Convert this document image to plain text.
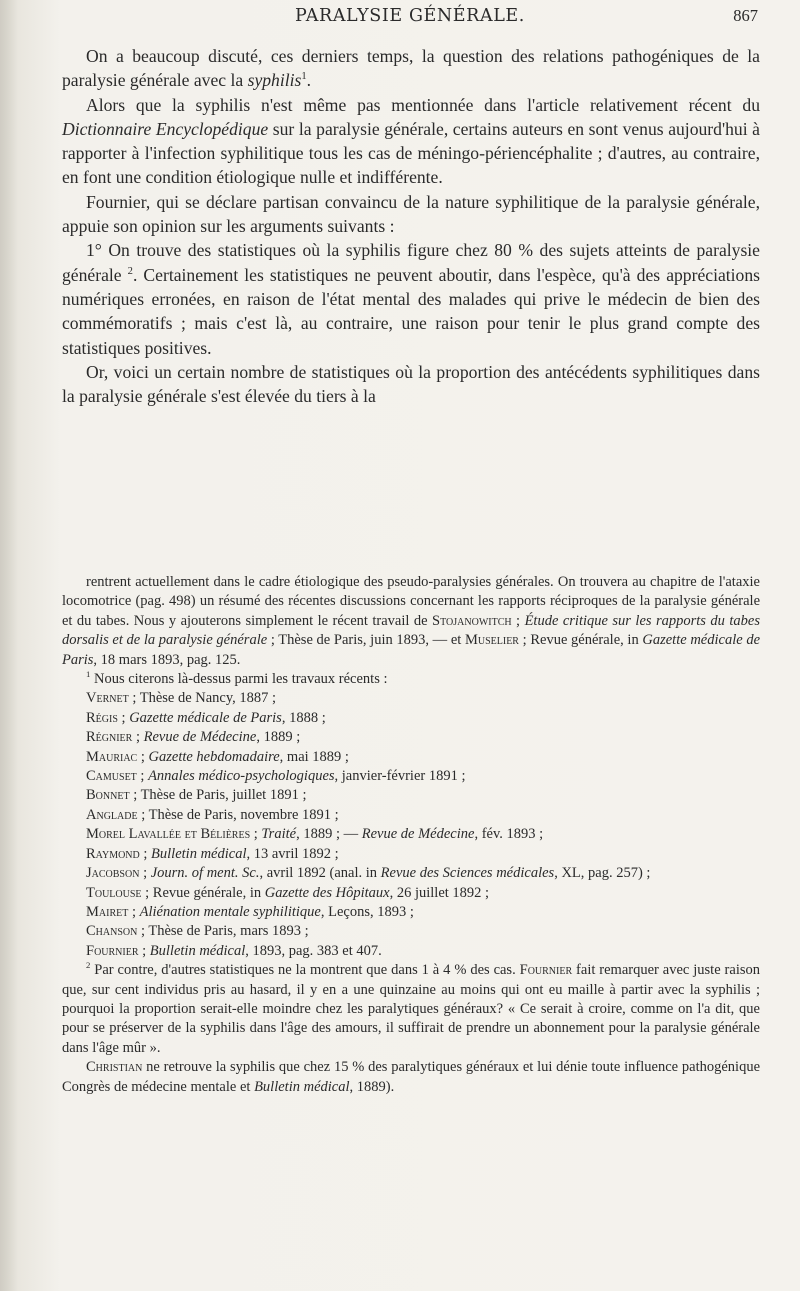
PARALYSIE GÉNÉRALE.	867

On a beaucoup discuté, ces derniers temps, la question des relations pathogéniques de la paralysie générale avec la syphilis$^1$.

Alors que la syphilis n'est même pas mentionnée dans l'article relativement récent du Dictionnaire Encyclopédique sur la paralysie générale, certains auteurs en sont venus aujourd'hui à rapporter à l'infection syphilitique tous les cas de méningo-périencéphalite ; d'autres, au contraire, en font une condition étiologique nulle et indifférente.

Fournier, qui se déclare partisan convaincu de la nature syphilitique de la paralysie générale, appuie son opinion sur les arguments suivants :

1° On trouve des statistiques où la syphilis figure chez 80 % des sujets atteints de paralysie générale $^2$. Certainement les statistiques ne peuvent aboutir, dans l'espèce, qu'à des appréciations numériques erronées, en raison de l'état mental des malades qui prive le médecin de bien des commémoratifs ; mais c'est là, au contraire, une raison pour tenir le plus grand compte des statistiques positives.

Or, voici un certain nombre de statistiques où la proportion des antécédents syphilitiques dans la paralysie générale s'est élevée du tiers à la

rentrent actuellement dans le cadre étiologique des pseudo-paralysies générales. On trouvera au chapitre de l'ataxie locomotrice (pag. 498) un résumé des récentes discussions concernant les rapports réciproques de la paralysie générale et du tabes. Nous y ajouterons simplement le récent travail de Stojanowitch ; Étude critique sur les rapports du tabes dorsalis et de la paralysie générale ; Thèse de Paris, juin 1893, — et Muselier ; Revue générale, in Gazette médicale de Paris, 18 mars 1893, pag. 125.

$^1$ Nous citerons là-dessus parmi les travaux récents :

Vernet ; Thèse de Nancy, 1887 ;

Régis ; Gazette médicale de Paris, 1888 ;

Régnier ; Revue de Médecine, 1889 ;

Mauriac ; Gazette hebdomadaire, mai 1889 ;

Camuset ; Annales médico-psychologiques, janvier-février 1891 ;

Bonnet ; Thèse de Paris, juillet 1891 ;

Anglade ; Thèse de Paris, novembre 1891 ;

Morel Lavallée et Bélières ; Traité, 1889 ; — Revue de Médecine, fév. 1893 ;

Raymond ; Bulletin médical, 13 avril 1892 ;

Jacobson ; Journ. of ment. Sc., avril 1892 (anal. in Revue des Sciences médicales, XL, pag. 257) ;

Toulouse ; Revue générale, in Gazette des Hôpitaux, 26 juillet 1892 ;

Mairet ; Aliénation mentale syphilitique, Leçons, 1893 ;

Chanson ; Thèse de Paris, mars 1893 ;

Fournier ; Bulletin médical, 1893, pag. 383 et 407.

$^2$ Par contre, d'autres statistiques ne la montrent que dans 1 à 4 % des cas. Fournier fait remarquer avec juste raison que, sur cent individus pris au hasard, il y en a une quinzaine au moins qui ont eu maille à partir avec la syphilis ; pourquoi la proportion serait-elle moindre chez les paralytiques généraux? « Ce serait à croire, comme on l'a dit, que pour se préserver de la syphilis dans l'âge des amours, il suffirait de prendre un abonnement pour la paralysie générale dans l'âge mûr ».

Christian ne retrouve la syphilis que chez 15 % des paralytiques généraux et lui dénie toute influence pathogénique Congrès de médecine mentale et Bulletin médical, 1889).
